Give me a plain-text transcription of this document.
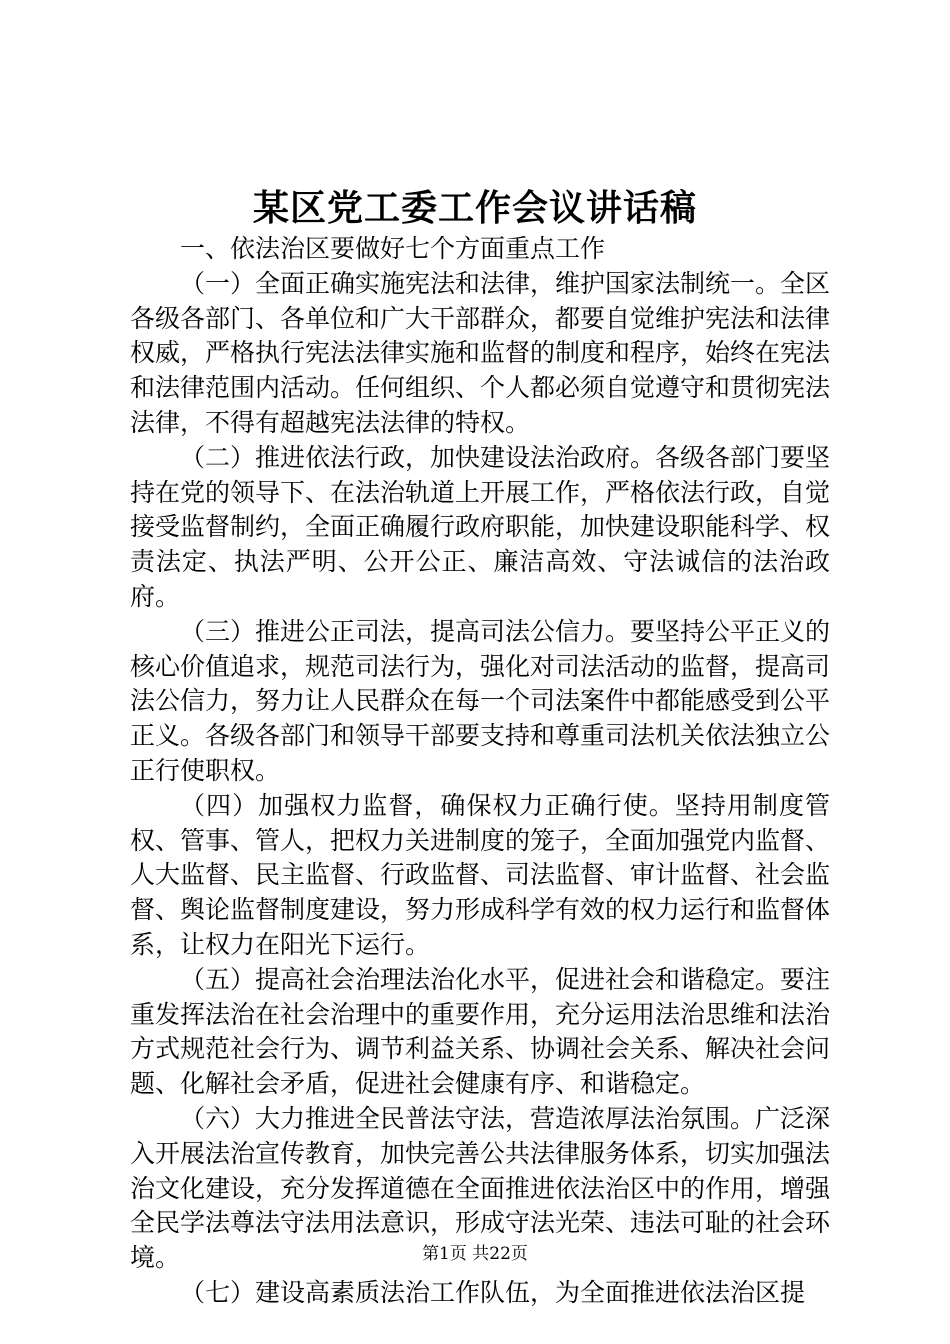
某区党工委工作会议讲话稿

一、依法治区要做好七个方面重点工作

（一）全面正确实施宪法和法律，维护国家法制统一。全区各级各部门、各单位和广大干部群众，都要自觉维护宪法和法律权威，严格执行宪法法律实施和监督的制度和程序，始终在宪法和法律范围内活动。任何组织、个人都必须自觉遵守和贯彻宪法法律，不得有超越宪法法律的特权。

（二）推进依法行政，加快建设法治政府。各级各部门要坚持在党的领导下、在法治轨道上开展工作，严格依法行政，自觉接受监督制约，全面正确履行政府职能，加快建设职能科学、权责法定、执法严明、公开公正、廉洁高效、守法诚信的法治政府。

（三）推进公正司法，提高司法公信力。要坚持公平正义的核心价值追求，规范司法行为，强化对司法活动的监督，提高司法公信力，努力让人民群众在每一个司法案件中都能感受到公平正义。各级各部门和领导干部要支持和尊重司法机关依法独立公正行使职权。

（四）加强权力监督，确保权力正确行使。坚持用制度管权、管事、管人，把权力关进制度的笼子，全面加强党内监督、人大监督、民主监督、行政监督、司法监督、审计监督、社会监督、舆论监督制度建设，努力形成科学有效的权力运行和监督体系，让权力在阳光下运行。

（五）提高社会治理法治化水平，促进社会和谐稳定。要注重发挥法治在社会治理中的重要作用，充分运用法治思维和法治方式规范社会行为、调节利益关系、协调社会关系、解决社会问题、化解社会矛盾，促进社会健康有序、和谐稳定。

（六）大力推进全民普法守法，营造浓厚法治氛围。广泛深入开展法治宣传教育，加快完善公共法律服务体系，切实加强法治文化建设，充分发挥道德在全面推进依法治区中的作用，增强全民学法尊法守法用法意识，形成守法光荣、违法可耻的社会环境。

（七）建设高素质法治工作队伍，为全面推进依法治区提

第1页 共22页
